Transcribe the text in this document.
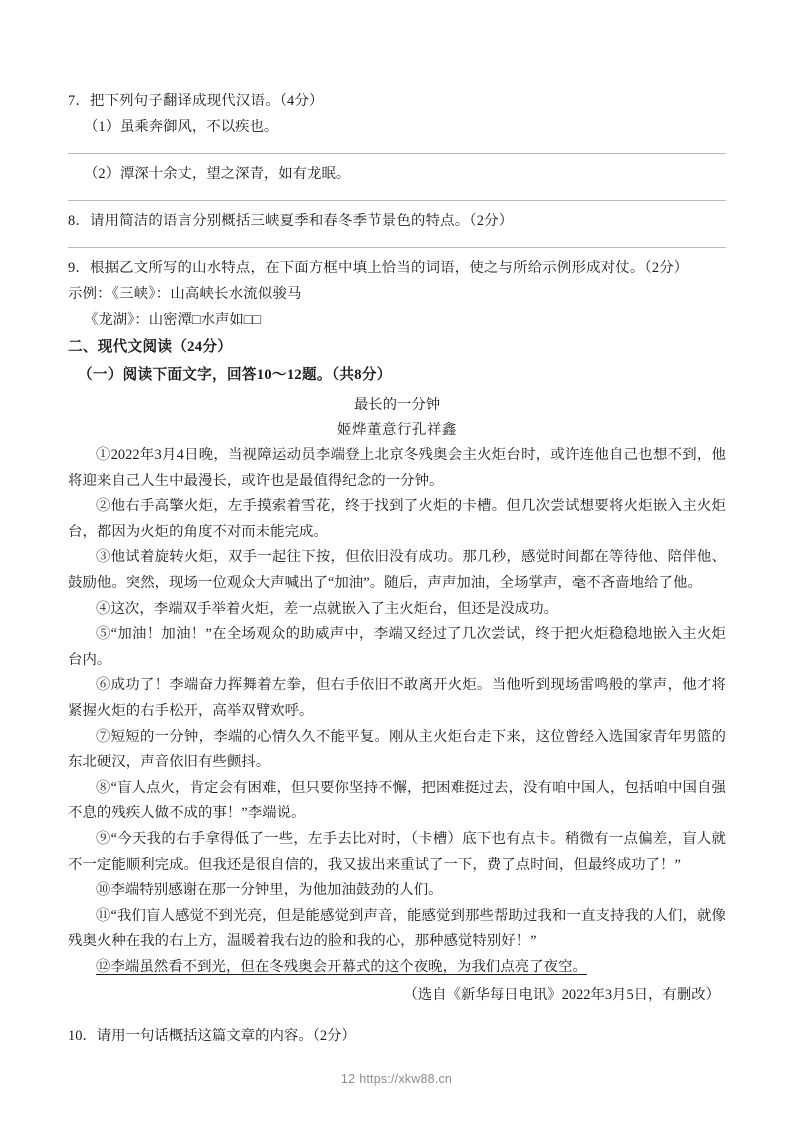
7．把下列句子翻译成现代汉语。（4分）
（1）虽乘奔御风，不以疾也。
（2）潭深十余丈，望之深青，如有龙眠。
8．请用简洁的语言分别概括三峡夏季和春冬季节景色的特点。（2分）
9．根据乙文所写的山水特点，在下面方框中填上恰当的词语，使之与所给示例形成对仗。（2分）
示例：《三峡》：山高峡长水流似骏马
《龙湖》：山密潭□水声如□□
二、现代文阅读（24分）
（一）阅读下面文字，回答10～12题。（共8分）
最长的一分钟
姬烨董意行孔祥鑫

①2022年3月4日晚，当视障运动员李端登上北京冬残奥会主火炬台时，或许连他自己也想不到，他将迎来自己人生中最漫长，或许也是最值得纪念的一分钟。

②他右手高擎火炬，左手摸索着雪花，终于找到了火炬的卡槽。但几次尝试想要将火炬嵌入主火炬台，都因为火炬的角度不对而未能完成。

③他试着旋转火炬，双手一起往下按，但依旧没有成功。那几秒，感觉时间都在等待他、陪伴他、鼓励他。突然，现场一位观众大声喊出了“加油”。随后，声声加油，全场掌声，毫不吝啬地给了他。

④这次，李端双手举着火炬，差一点就嵌入了主火炬台，但还是没成功。

⑤“加油！加油！”在全场观众的助威声中，李端又经过了几次尝试，终于把火炬稳稳地嵌入主火炬台内。

⑥成功了！李端奋力挥舞着左拳，但右手依旧不敢离开火炬。当他听到现场雷鸣般的掌声，他才将紧握火炬的右手松开，高举双臂欢呼。

⑦短短的一分钟，李端的心情久久不能平复。刚从主火炬台走下来，这位曾经入选国家青年男篮的东北硬汉，声音依旧有些颤抖。

⑧“盲人点火，肯定会有困难，但只要你坚持不懈，把困难挺过去，没有咱中国人，包括咱中国自强不息的残疾人做不成的事！”李端说。

⑨“今天我的右手拿得低了一些，左手去比对时，（卡槽）底下也有点卡。稍微有一点偏差，盲人就不一定能顺利完成。但我还是很自信的，我又拔出来重试了一下，费了点时间，但最终成功了！”

⑩李端特别感谢在那一分钟里，为他加油鼓劲的人们。

⑪“我们盲人感觉不到光亮，但是能感觉到声音，能感觉到那些帮助过我和一直支持我的人们，就像残奥火种在我的右上方，温暖着我右边的脸和我的心，那种感觉特别好！”

⑫李端虽然看不到光，但在冬残奥会开幕式的这个夜晚，为我们点亮了夜空。

（选自《新华每日电讯》2022年3月5日，有删改）
10．请用一句话概括这篇文章的内容。（2分）
12 https://xkw88.cn
